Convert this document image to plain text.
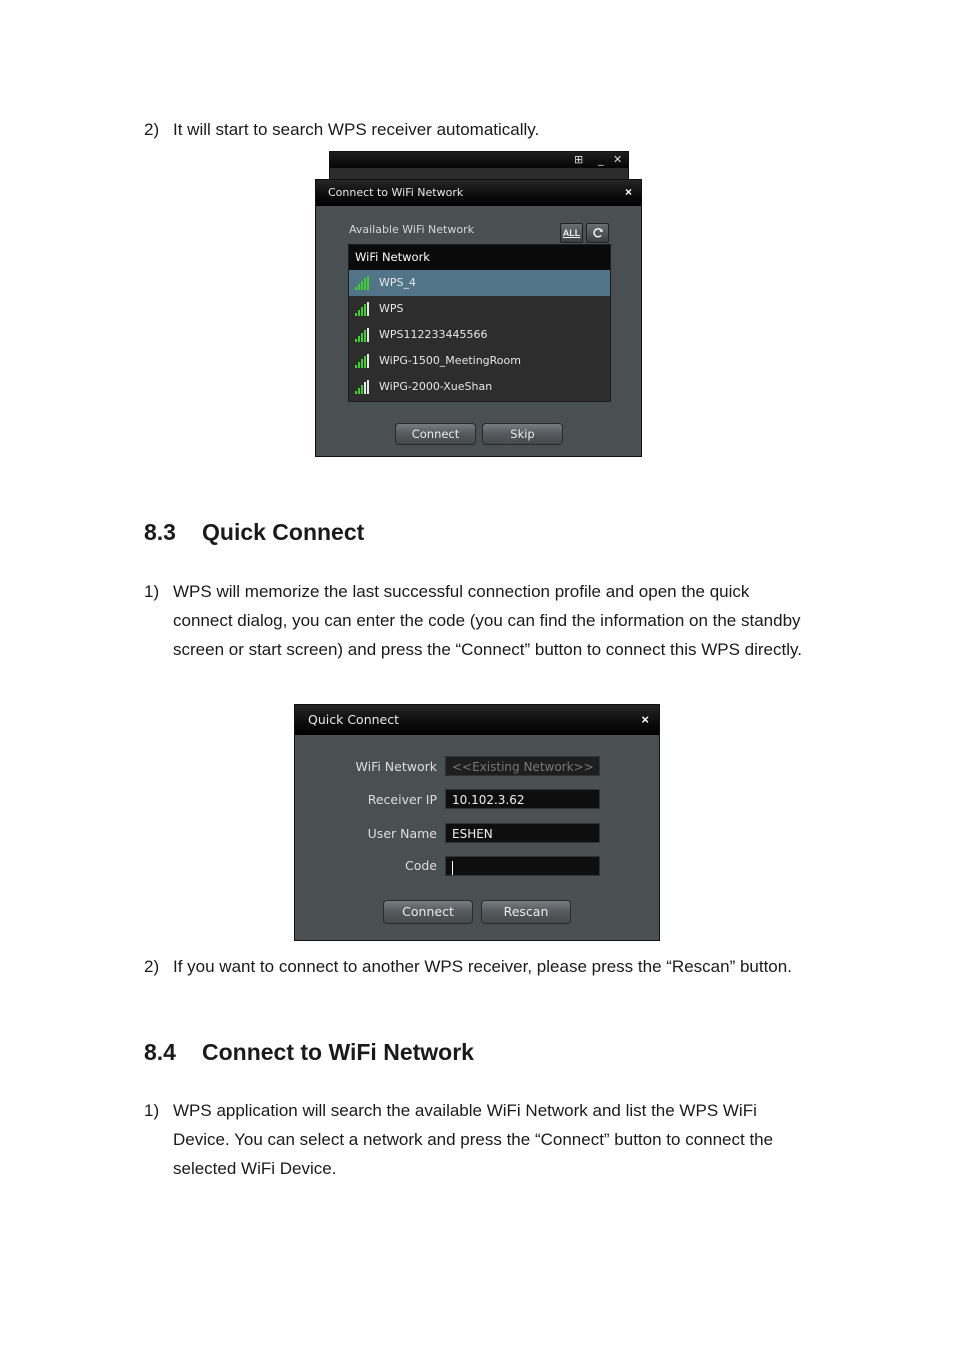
2) It will start to search WPS receiver automatically.
⊞ _ ✕
Connect to WiFi Network	×
Available WiFi Network	ALL
WiFi Network
WPS_4
WPS
WPS112233445566
WiPG-1500_MeetingRoom
WiPG-2000-XueShan
Connect	Skip
8.3 Quick Connect
1) WPS will memorize the last successful connection profile and open the quick connect dialog, you can enter the code (you can find the information on the standby screen or start screen) and press the “Connect” button to connect this WPS directly.
Quick Connect	×
WiFi Network	<<Existing Network>>
Receiver IP	10.102.3.62
User Name	ESHEN
Code
Connect	Rescan
2) If you want to connect to another WPS receiver, please press the “Rescan” button.
8.4 Connect to WiFi Network
1) WPS application will search the available WiFi Network and list the WPS WiFi Device. You can select a network and press the “Connect” button to connect the selected WiFi Device.
